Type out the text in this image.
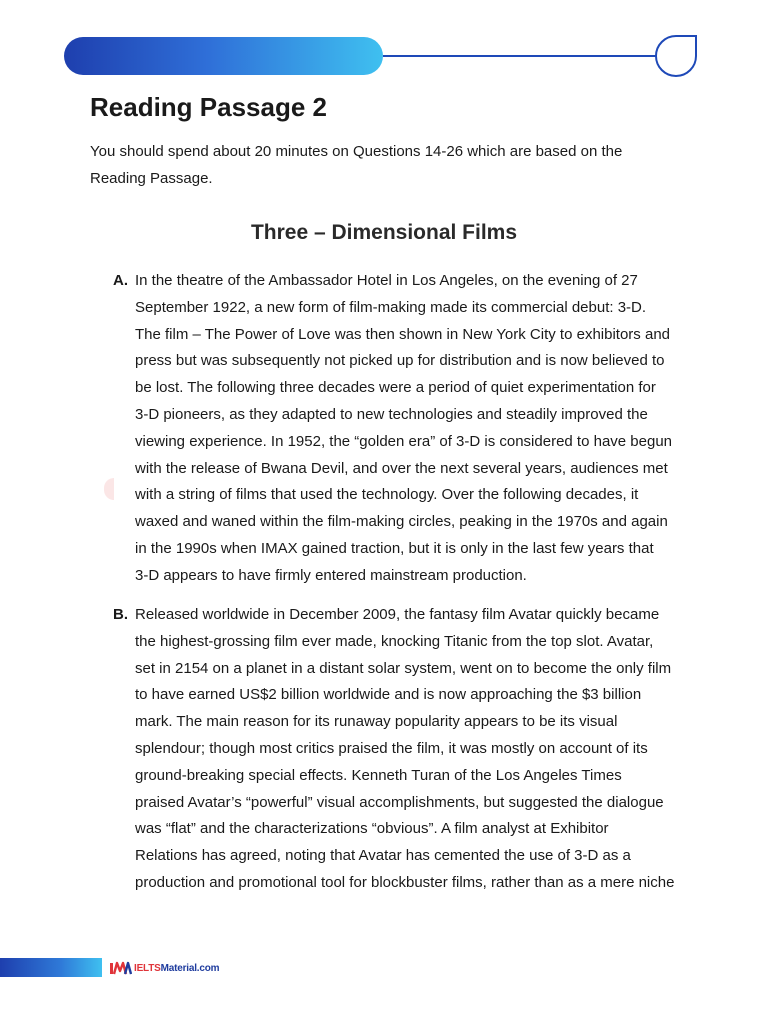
Reading Passage 2

You should spend about 20 minutes on Questions 14-26 which are based on the
Reading Passage.

Three – Dimensional Films
A. In the theatre of the Ambassador Hotel in Los Angeles, on the evening of 27
September 1922, a new form of film-making made its commercial debut: 3-D.
The film – The Power of Love was then shown in New York City to exhibitors and
press but was subsequently not picked up for distribution and is now believed to
be lost. The following three decades were a period of quiet experimentation for
3-D pioneers, as they adapted to new technologies and steadily improved the
viewing experience. In 1952, the “golden era” of 3-D is considered to have begun
with the release of Bwana Devil, and over the next several years, audiences met
with a string of films that used the technology. Over the following decades, it
waxed and waned within the film-making circles, peaking in the 1970s and again
in the 1990s when IMAX gained traction, but it is only in the last few years that
3-D appears to have firmly entered mainstream production.

B. Released worldwide in December 2009, the fantasy film Avatar quickly became
the highest-grossing film ever made, knocking Titanic from the top slot. Avatar,
set in 2154 on a planet in a distant solar system, went on to become the only film
to have earned US$2 billion worldwide and is now approaching the $3 billion
mark. The main reason for its runaway popularity appears to be its visual
splendour; though most critics praised the film, it was mostly on account of its
ground-breaking special effects. Kenneth Turan of the Los Angeles Times
praised Avatar’s “powerful” visual accomplishments, but suggested the dialogue
was “flat” and the characterizations “obvious”. A film analyst at Exhibitor
Relations has agreed, noting that Avatar has cemented the use of 3-D as a
production and promotional tool for blockbuster films, rather than as a mere niche

IELTSMaterial.com
